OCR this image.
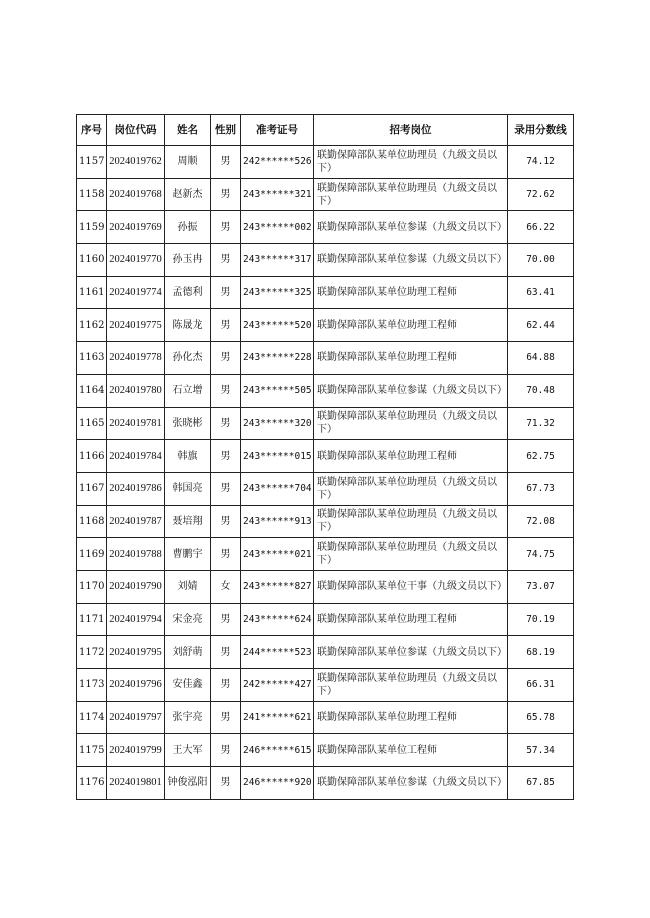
序号	岗位代码	姓名	性别	准考证号	招考岗位	录用分数线
1157	2024019762	周顺	男	242******526	联勤保障部队某单位助理员（九级文员以下）	74.12
1158	2024019768	赵新杰	男	243******321	联勤保障部队某单位助理员（九级文员以下）	72.62
1159	2024019769	孙振	男	243******002	联勤保障部队某单位参谋（九级文员以下）	66.22
1160	2024019770	孙玉冉	男	243******317	联勤保障部队某单位参谋（九级文员以下）	70.00
1161	2024019774	孟德利	男	243******325	联勤保障部队某单位助理工程师	63.41
1162	2024019775	陈晟龙	男	243******520	联勤保障部队某单位助理工程师	62.44
1163	2024019778	孙化杰	男	243******228	联勤保障部队某单位助理工程师	64.88
1164	2024019780	石立增	男	243******505	联勤保障部队某单位参谋（九级文员以下）	70.48
1165	2024019781	张晓彬	男	243******320	联勤保障部队某单位助理员（九级文员以下）	71.32
1166	2024019784	韩旗	男	243******015	联勤保障部队某单位助理工程师	62.75
1167	2024019786	韩国亮	男	243******704	联勤保障部队某单位助理员（九级文员以下）	67.73
1168	2024019787	聂培翔	男	243******913	联勤保障部队某单位助理员（九级文员以下）	72.08
1169	2024019788	曹鹏宇	男	243******021	联勤保障部队某单位助理员（九级文员以下）	74.75
1170	2024019790	刘婧	女	243******827	联勤保障部队某单位干事（九级文员以下）	73.07
1171	2024019794	宋金亮	男	243******624	联勤保障部队某单位助理工程师	70.19
1172	2024019795	刘舒萌	男	244******523	联勤保障部队某单位参谋（九级文员以下）	68.19
1173	2024019796	安佳鑫	男	242******427	联勤保障部队某单位助理员（九级文员以下）	66.31
1174	2024019797	张宇亮	男	241******621	联勤保障部队某单位助理工程师	65.78
1175	2024019799	王大军	男	246******615	联勤保障部队某单位工程师	57.34
1176	2024019801	钟俊泓阳	男	246******920	联勤保障部队某单位参谋（九级文员以下）	67.85
